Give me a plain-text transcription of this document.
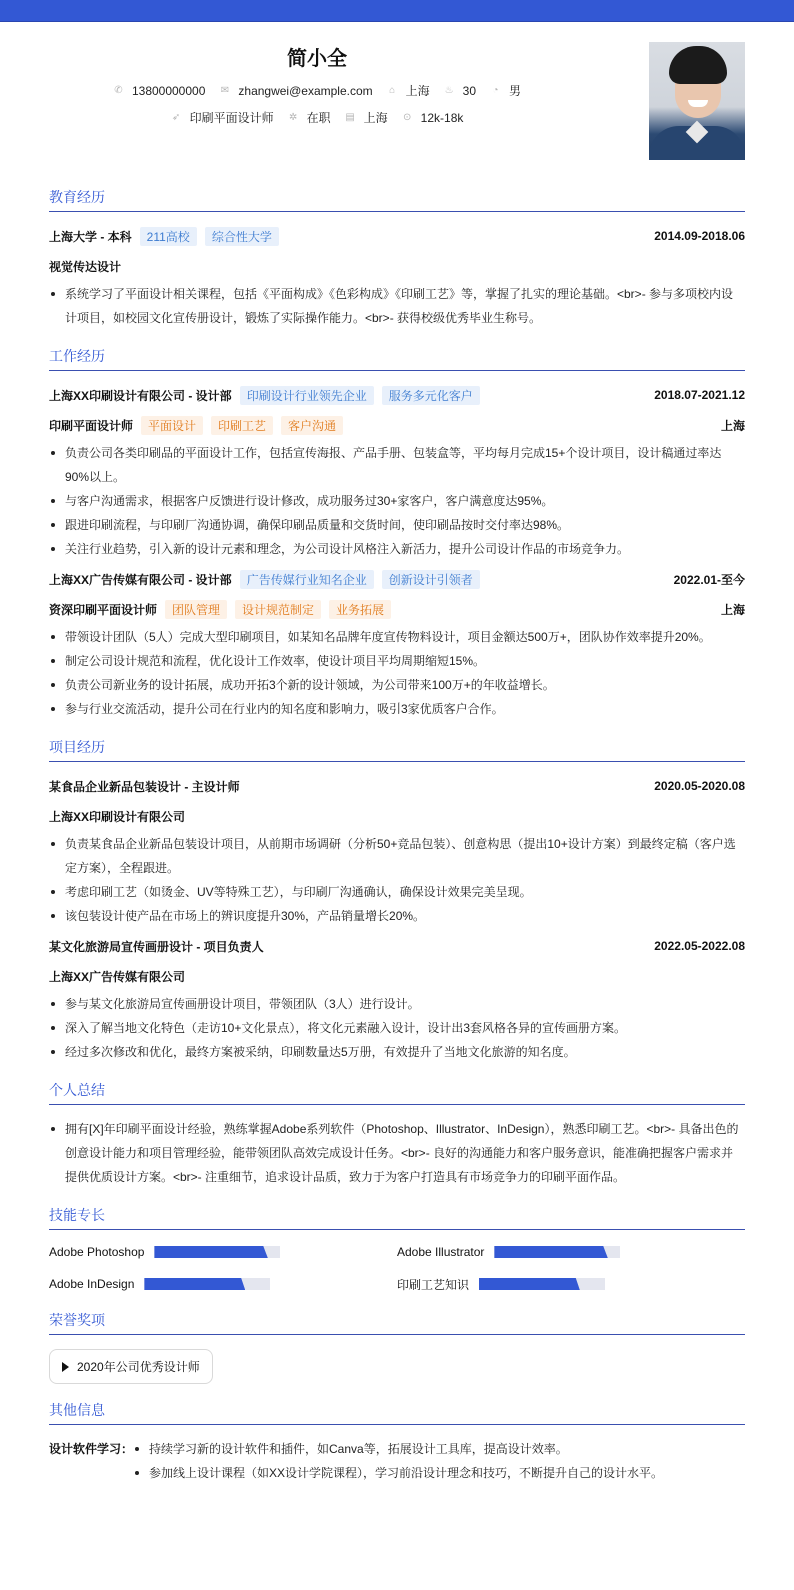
简小全
✆ 13800000000 ✉ zhangwei@example.com ⌂ 上海 ♨ 30 ◔ 男
➶ 印刷平面设计师 ✲ 在职 ▤ 上海 ⊙ 12k-18k
教育经历
上海大学 - 本科	211高校	综合性大学	2014.09-2018.06
视觉传达设计
系统学习了平面设计相关课程，包括《平面构成》《色彩构成》《印刷工艺》等，掌握了扎实的理论基础。<br>- 参与多项校内设计项目，如校园文化宣传册设计，锻炼了实际操作能力。<br>- 获得校级优秀毕业生称号。
工作经历
上海XX印刷设计有限公司 - 设计部	印刷设计行业领先企业	服务多元化客户	2018.07-2021.12
印刷平面设计师	平面设计	印刷工艺	客户沟通	上海
负责公司各类印刷品的平面设计工作，包括宣传海报、产品手册、包装盒等，平均每月完成15+个设计项目，设计稿通过率达90%以上。
与客户沟通需求，根据客户反馈进行设计修改，成功服务过30+家客户，客户满意度达95%。
跟进印刷流程，与印刷厂沟通协调，确保印刷品质量和交货时间，使印刷品按时交付率达98%。
关注行业趋势，引入新的设计元素和理念，为公司设计风格注入新活力，提升公司设计作品的市场竞争力。
上海XX广告传媒有限公司 - 设计部	广告传媒行业知名企业	创新设计引领者	2022.01-至今
资深印刷平面设计师	团队管理	设计规范制定	业务拓展	上海
带领设计团队（5人）完成大型印刷项目，如某知名品牌年度宣传物料设计，项目金额达500万+，团队协作效率提升20%。
制定公司设计规范和流程，优化设计工作效率，使设计项目平均周期缩短15%。
负责公司新业务的设计拓展，成功开拓3个新的设计领域，为公司带来100万+的年收益增长。
参与行业交流活动，提升公司在行业内的知名度和影响力，吸引3家优质客户合作。
项目经历
某食品企业新品包装设计 - 主设计师	2020.05-2020.08
上海XX印刷设计有限公司
负责某食品企业新品包装设计项目，从前期市场调研（分析50+竞品包装）、创意构思（提出10+设计方案）到最终定稿（客户选定方案），全程跟进。
考虑印刷工艺（如烫金、UV等特殊工艺），与印刷厂沟通确认，确保设计效果完美呈现。
该包装设计使产品在市场上的辨识度提升30%，产品销量增长20%。
某文化旅游局宣传画册设计 - 项目负责人	2022.05-2022.08
上海XX广告传媒有限公司
参与某文化旅游局宣传画册设计项目，带领团队（3人）进行设计。
深入了解当地文化特色（走访10+文化景点），将文化元素融入设计，设计出3套风格各异的宣传画册方案。
经过多次修改和优化，最终方案被采纳，印刷数量达5万册，有效提升了当地文化旅游的知名度。
个人总结
拥有[X]年印刷平面设计经验，熟练掌握Adobe系列软件（Photoshop、Illustrator、InDesign），熟悉印刷工艺。<br>- 具备出色的创意设计能力和项目管理经验，能带领团队高效完成设计任务。<br>- 良好的沟通能力和客户服务意识，能准确把握客户需求并提供优质设计方案。<br>- 注重细节，追求设计品质，致力于为客户打造具有市场竞争力的印刷平面作品。
技能专长
Adobe Photoshop	Adobe Illustrator
Adobe InDesign	印刷工艺知识
荣誉奖项
2020年公司优秀设计师
其他信息
设计软件学习：	持续学习新的设计软件和插件，如Canva等，拓展设计工具库，提高设计效率。
参加线上设计课程（如XX设计学院课程），学习前沿设计理念和技巧，不断提升自己的设计水平。
